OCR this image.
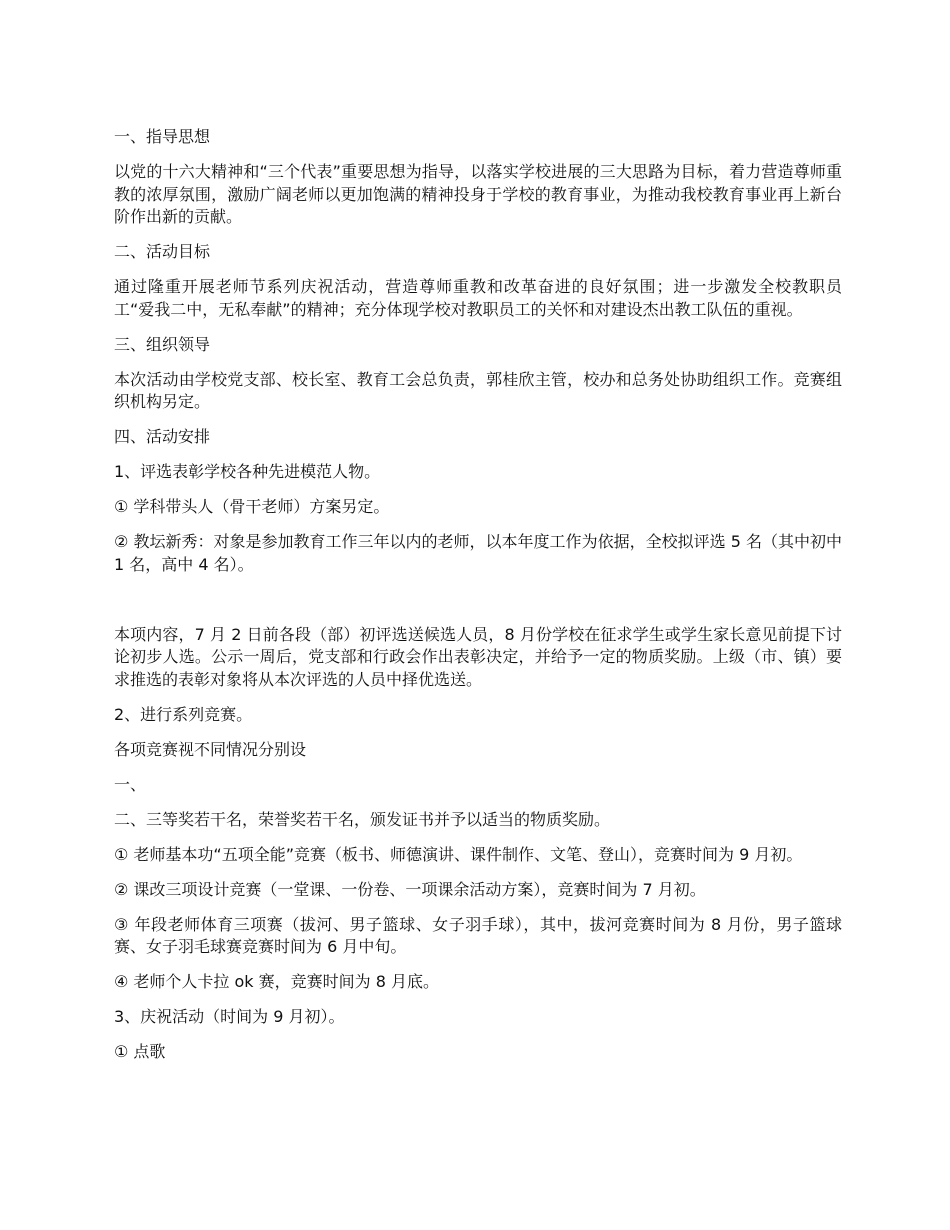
一、指导思想

以党的十六大精神和“三个代表”重要思想为指导，以落实学校进展的三大思路为目标，着力营造尊师重教的浓厚氛围，激励广阔老师以更加饱满的精神投身于学校的教育事业，为推动我校教育事业再上新台阶作出新的贡献。

二、活动目标

通过隆重开展老师节系列庆祝活动，营造尊师重教和改革奋进的良好氛围；进一步激发全校教职员工“爱我二中，无私奉献”的精神；充分体现学校对教职员工的关怀和对建设杰出教工队伍的重视。

三、组织领导

本次活动由学校党支部、校长室、教育工会总负责，郭桂欣主管，校办和总务处协助组织工作。竞赛组织机构另定。

四、活动安排

1、评选表彰学校各种先进模范人物。

① 学科带头人（骨干老师）方案另定。

② 教坛新秀：对象是参加教育工作三年以内的老师，以本年度工作为依据，全校拟评选 5 名（其中初中 1 名，高中 4 名）。

本项内容，7 月 2 日前各段（部）初评选送候选人员，8 月份学校在征求学生或学生家长意见前提下讨论初步人选。公示一周后，党支部和行政会作出表彰决定，并给予一定的物质奖励。上级（市、镇）要求推选的表彰对象将从本次评选的人员中择优选送。

2、进行系列竞赛。

各项竞赛视不同情况分别设

一、

二、三等奖若干名，荣誉奖若干名，颁发证书并予以适当的物质奖励。

① 老师基本功“五项全能”竞赛（板书、师德演讲、课件制作、文笔、登山），竞赛时间为 9 月初。

② 课改三项设计竞赛（一堂课、一份卷、一项课余活动方案），竞赛时间为 7 月初。

③ 年段老师体育三项赛（拔河、男子篮球、女子羽手球），其中，拔河竞赛时间为 8 月份，男子篮球赛、女子羽毛球赛竞赛时间为 6 月中旬。

④ 老师个人卡拉 ok 赛，竞赛时间为 8 月底。

3、庆祝活动（时间为 9 月初）。

① 点歌
